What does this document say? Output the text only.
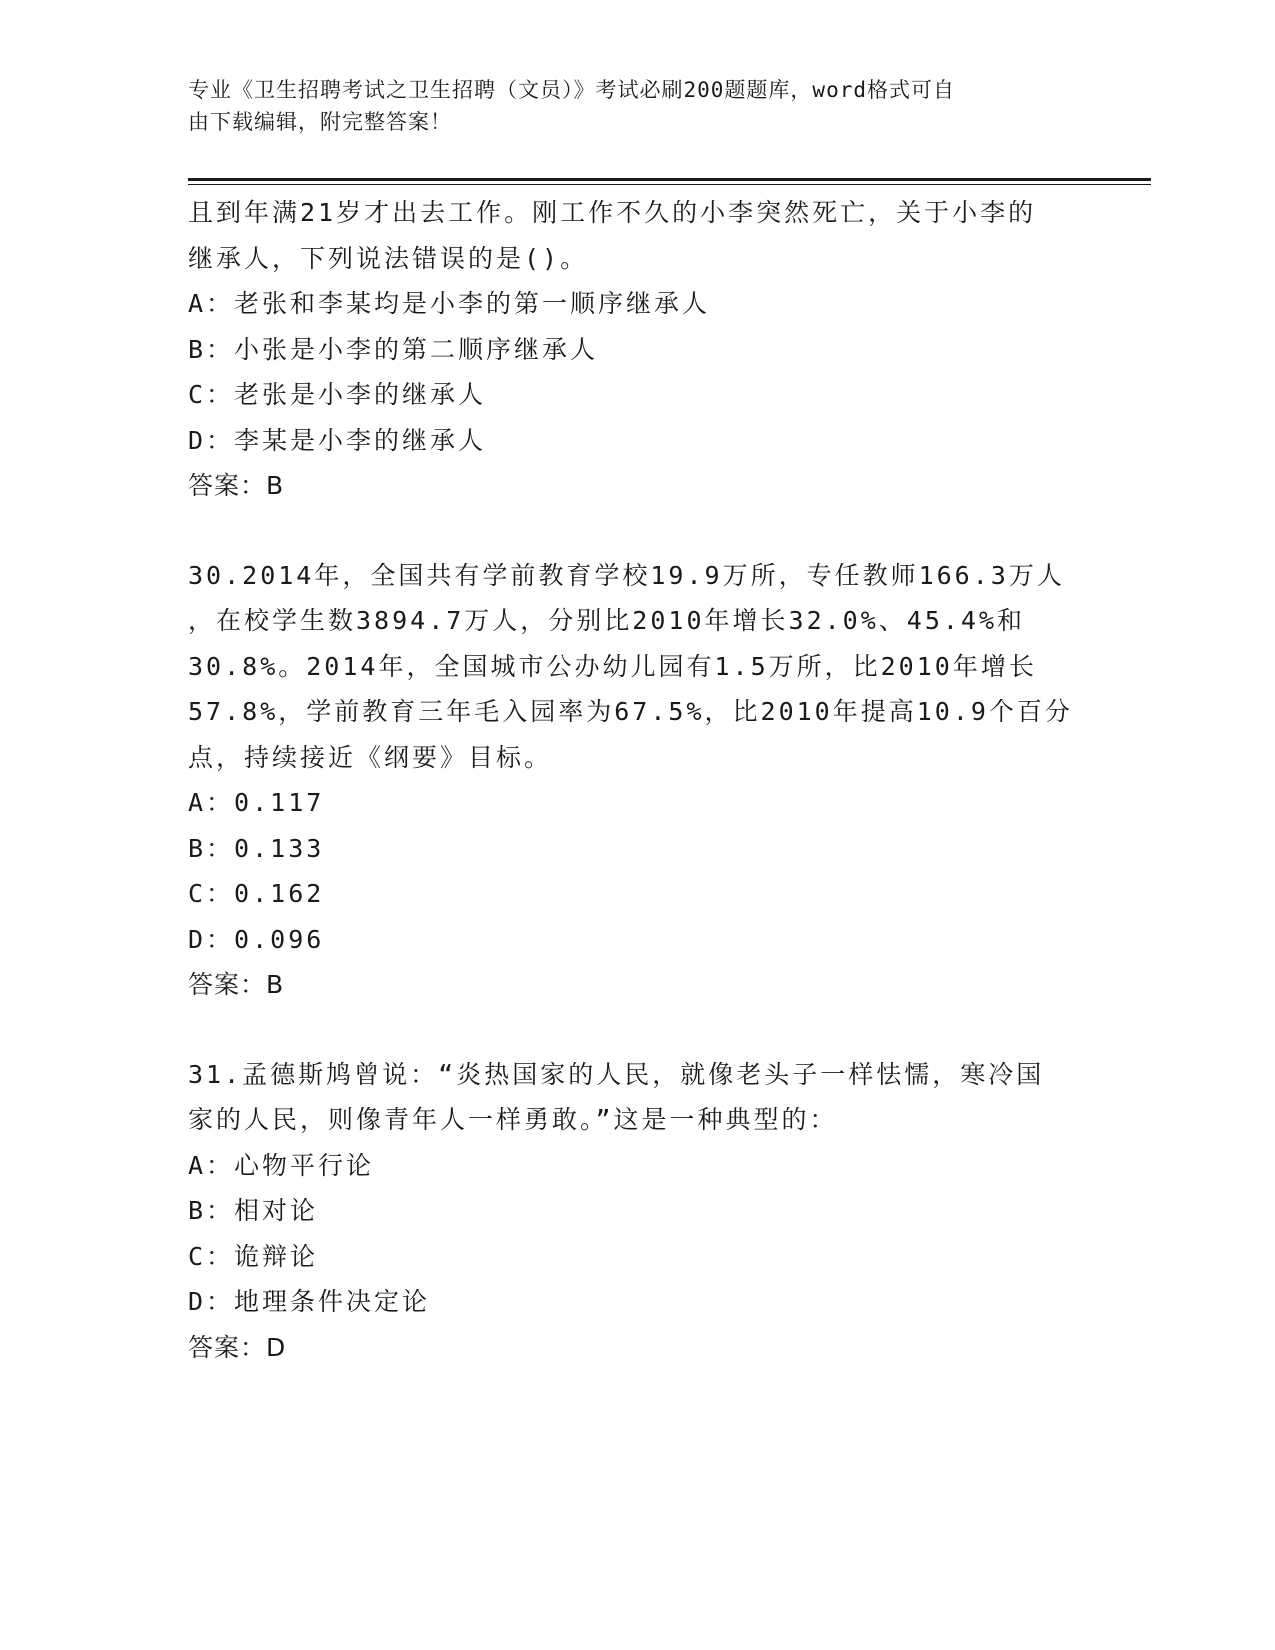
专业《卫生招聘考试之卫生招聘（文员）》考试必刷200题题库，word格式可自
由下载编辑，附完整答案！
且到年满21岁才出去工作。刚工作不久的小李突然死亡，关于小李的
继承人，下列说法错误的是()。
A：老张和李某均是小李的第一顺序继承人
B：小张是小李的第二顺序继承人
C：老张是小李的继承人
D：李某是小李的继承人
答案：B
30.2014年，全国共有学前教育学校19.9万所，专任教师166.3万人
，在校学生数3894.7万人，分别比2010年增长32.0%、45.4%和
30.8%。2014年，全国城市公办幼儿园有1.5万所，比2010年增长
57.8%，学前教育三年毛入园率为67.5%，比2010年提高10.9个百分
点，持续接近《纲要》目标。
A：0.117
B：0.133
C：0.162
D：0.096
答案：B
31.孟德斯鸠曾说：“炎热国家的人民，就像老头子一样怯懦，寒冷国
家的人民，则像青年人一样勇敢。”这是一种典型的：
A：心物平行论
B：相对论
C：诡辩论
D：地理条件决定论
答案：D
